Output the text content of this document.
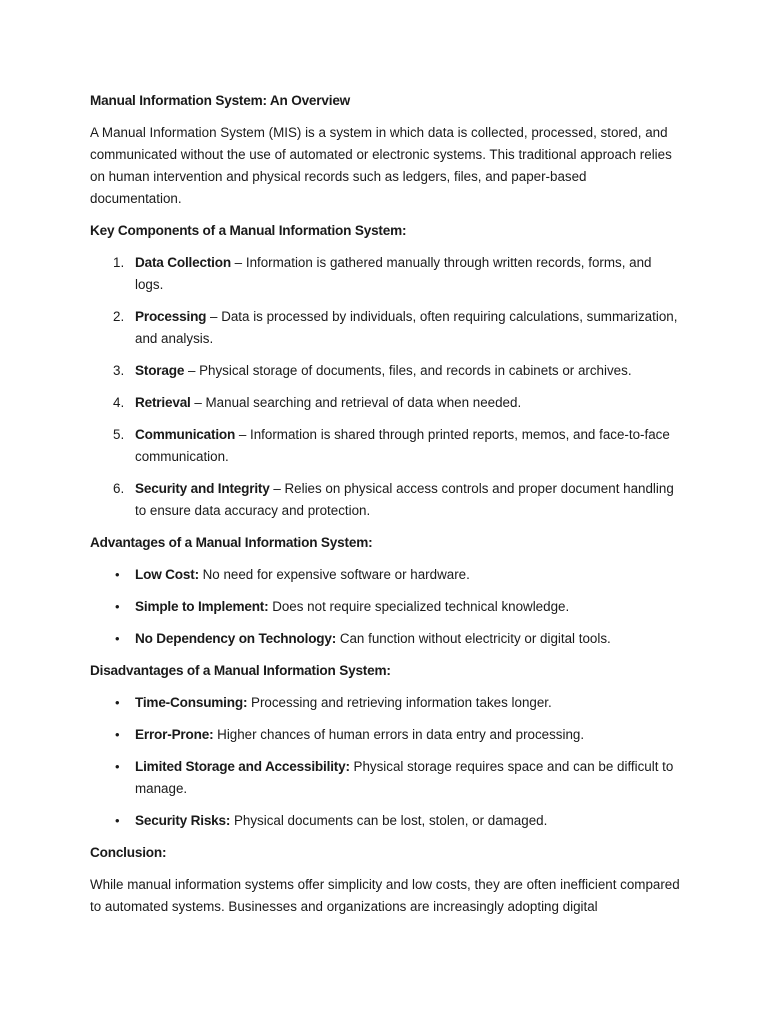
Manual Information System: An Overview

A Manual Information System (MIS) is a system in which data is collected, processed, stored, and communicated without the use of automated or electronic systems. This traditional approach relies on human intervention and physical records such as ledgers, files, and paper-based documentation.

Key Components of a Manual Information System:
1. Data Collection – Information is gathered manually through written records, forms, and logs.
2. Processing – Data is processed by individuals, often requiring calculations, summarization, and analysis.
3. Storage – Physical storage of documents, files, and records in cabinets or archives.
4. Retrieval – Manual searching and retrieval of data when needed.
5. Communication – Information is shared through printed reports, memos, and face-to-face communication.
6. Security and Integrity – Relies on physical access controls and proper document handling to ensure data accuracy and protection.
Advantages of a Manual Information System:
• Low Cost: No need for expensive software or hardware.
• Simple to Implement: Does not require specialized technical knowledge.
• No Dependency on Technology: Can function without electricity or digital tools.
Disadvantages of a Manual Information System:
• Time-Consuming: Processing and retrieving information takes longer.
• Error-Prone: Higher chances of human errors in data entry and processing.
• Limited Storage and Accessibility: Physical storage requires space and can be difficult to manage.
• Security Risks: Physical documents can be lost, stolen, or damaged.
Conclusion:

While manual information systems offer simplicity and low costs, they are often inefficient compared to automated systems. Businesses and organizations are increasingly adopting digital
